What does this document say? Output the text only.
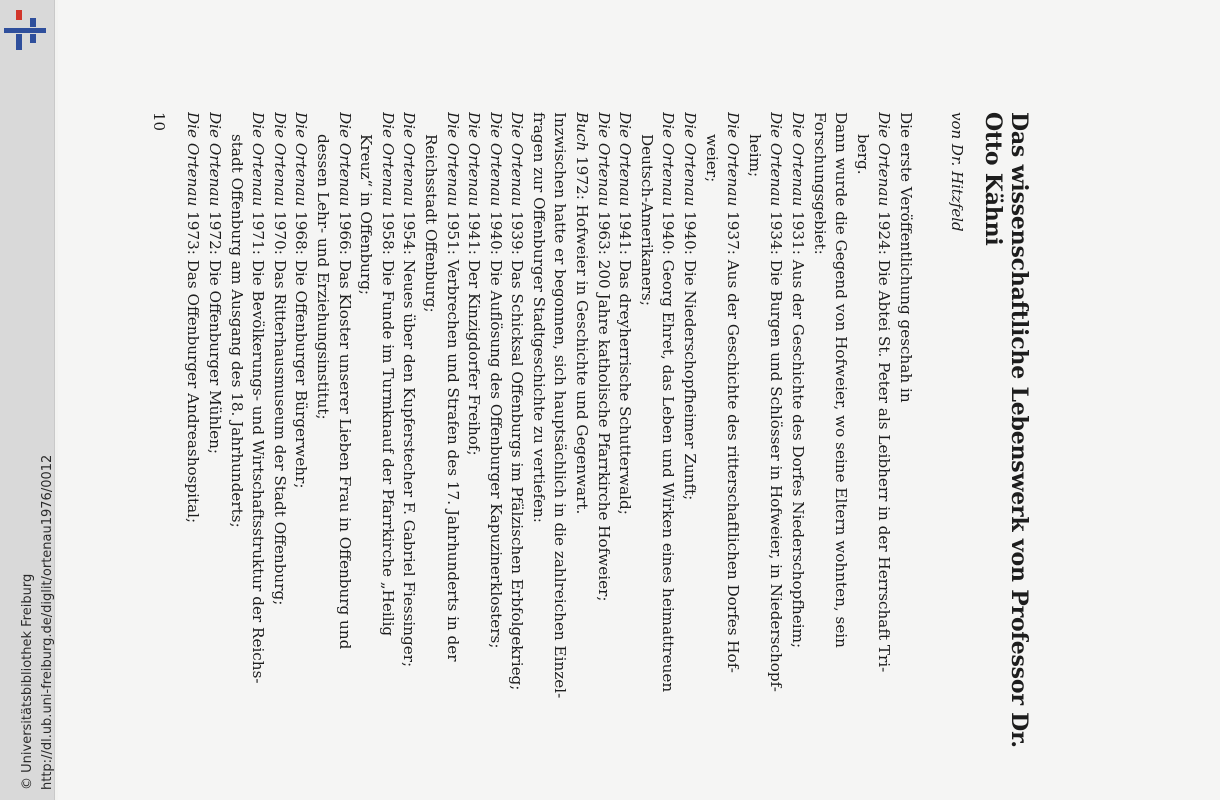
http://dl.ub.uni-freiburg.de/diglit/ortenau1976/0012
© Universitätsbibliothek Freiburg	Das wissenschaftliche Lebenswerk von Professor Dr. Otto Kähni
von Dr. Hitzfeld
Die erste Veröffentlichung geschah in
Die Ortenau 1924: Die Abtei St. Peter als Leibherr in der Herrschaft Tri-
berg.
Dann wurde die Gegend von Hofweier, wo seine Eltern wohnten, sein
Forschungsgebiet:
Die Ortenau 1931: Aus der Geschichte des Dorfes Niederschopfheim;
Die Ortenau 1934: Die Burgen und Schlösser in Hofweier, in Niederschopf-
heim;
Die Ortenau 1937: Aus der Geschichte des ritterschaftlichen Dorfes Hof-
weier;
Die Ortenau 1940: Die Niederschopfheimer Zunft;
Die Ortenau 1940: Georg Ehret, das Leben und Wirken eines heimattreuen
Deutsch-Amerikaners;
Die Ortenau 1941: Das dreyherrische Schutterwald;
Die Ortenau 1963: 200 Jahre katholische Pfarrkirche Hofweier;
Buch 1972: Hofweier in Geschichte und Gegenwart.
Inzwischen hatte er begonnen, sich hauptsächlich in die zahlreichen Einzel-
fragen zur Offenburger Stadtgeschichte zu vertiefen:
Die Ortenau 1939: Das Schicksal Offenburgs im Pfälzischen Erbfolgekrieg;
Die Ortenau 1940: Die Auflösung des Offenburger Kapuzinerklosters;
Die Ortenau 1941: Der Kinzigdorfer Freihof;
Die Ortenau 1951: Verbrechen und Strafen des 17. Jahrhunderts in der
Reichsstadt Offenburg;
Die Ortenau 1954: Neues über den Kupferstecher F. Gabriel Fiessinger;
Die Ortenau 1958: Die Funde im Turmknauf der Pfarrkirche „Heilig
Kreuz“ in Offenburg;
Die Ortenau 1966: Das Kloster unserer Lieben Frau in Offenburg und
dessen Lehr- und Erziehungsinstitut;
Die Ortenau 1968: Die Offenburger Bürgerwehr;
Die Ortenau 1970: Das Ritterhausmuseum der Stadt Offenburg;
Die Ortenau 1971: Die Bevölkerungs- und Wirtschaftsstruktur der Reichs-
stadt Offenburg am Ausgang des 18. Jahrhunderts;
Die Ortenau 1972: Die Offenburger Mühlen;
Die Ortenau 1973: Das Offenburger Andreashospital;
10
